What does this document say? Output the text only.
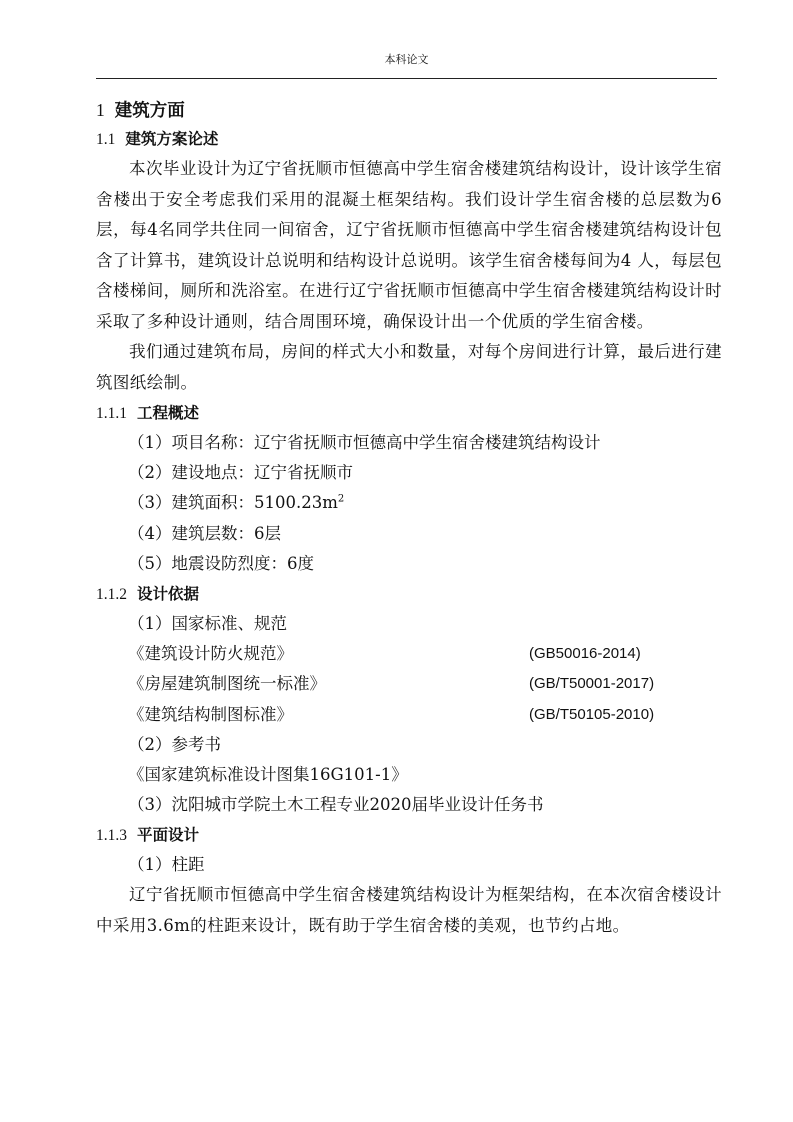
本科论文
1 建筑方面
1.1 建筑方案论述

本次毕业设计为辽宁省抚顺市恒德高中学生宿舍楼建筑结构设计，设计该学生宿舍楼出于安全考虑我们采用的混凝土框架结构。我们设计学生宿舍楼的总层数为6层，每4名同学共住同一间宿舍，辽宁省抚顺市恒德高中学生宿舍楼建筑结构设计包含了计算书，建筑设计总说明和结构设计总说明。该学生宿舍楼每间为4 人，每层包含楼梯间，厕所和洗浴室。在进行辽宁省抚顺市恒德高中学生宿舍楼建筑结构设计时采取了多种设计通则，结合周围环境，确保设计出一个优质的学生宿舍楼。

我们通过建筑布局，房间的样式大小和数量，对每个房间进行计算，最后进行建筑图纸绘制。

1.1.1 工程概述
（1）项目名称：辽宁省抚顺市恒德高中学生宿舍楼建筑结构设计
（2）建设地点：辽宁省抚顺市
（3）建筑面积：$5100.23m^2$
（4）建筑层数：6层
（5）地震设防烈度：6度
1.1.2 设计依据
（1）国家标准、规范
《建筑设计防火规范》	(GB50016-2014)
《房屋建筑制图统一标准》	(GB/T50001-2017)
《建筑结构制图标准》	(GB/T50105-2010)
（2）参考书
《国家建筑标准设计图集16G101-1》
（3）沈阳城市学院土木工程专业2020届毕业设计任务书
1.1.3 平面设计
（1）柱距

辽宁省抚顺市恒德高中学生宿舍楼建筑结构设计为框架结构，在本次宿舍楼设计中采用3.6m的柱距来设计，既有助于学生宿舍楼的美观，也节约占地。
